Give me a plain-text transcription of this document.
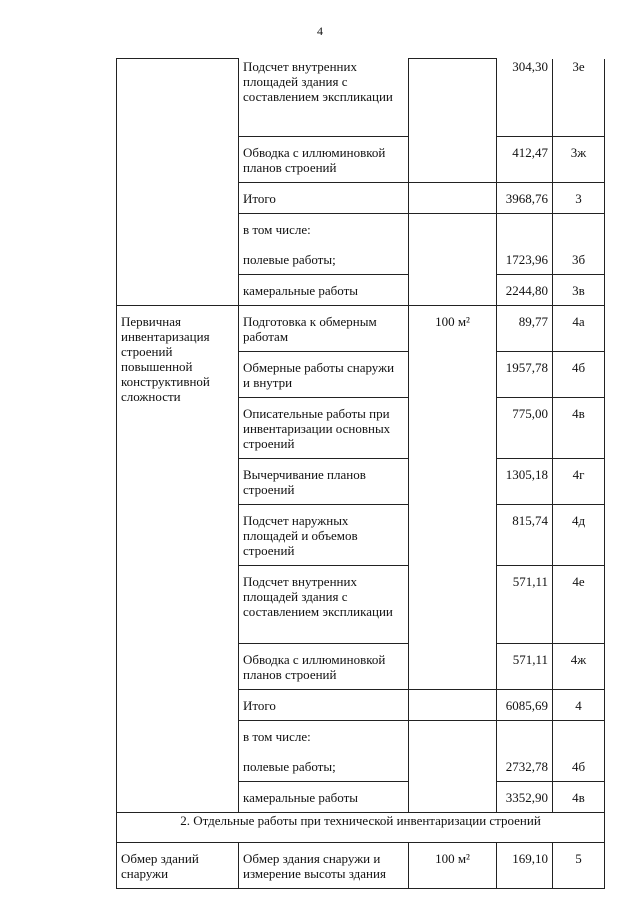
4
	Подсчет внутренних площадей здания с составлением экспликации		304,30	3е
	Обводка с иллюминовкой планов строений		412,47	3ж
	Итого		3968,76	3
	в том числе:			
	полевые работы;		1723,96	3б
	камеральные работы		2244,80	3в
Первичная инвентаризация строений повышенной конструктивной сложности	Подготовка к обмерным работам	100 м²	89,77	4а
	Обмерные работы снаружи и внутри		1957,78	4б
	Описательные работы при инвентаризации основных строений		775,00	4в
	Вычерчивание планов строений		1305,18	4г
	Подсчет наружных площадей и объемов строений		815,74	4д
	Подсчет внутренних площадей здания с составлением экспликации		571,11	4е
	Обводка с иллюминовкой планов строений		571,11	4ж
	Итого		6085,69	4
	в том числе:			
	полевые работы;		2732,78	4б
	камеральные работы		3352,90	4в
2. Отдельные работы при технической инвентаризации строений				
Обмер зданий снаружи	Обмер здания снаружи и измерение высоты здания	100 м²	169,10	5
